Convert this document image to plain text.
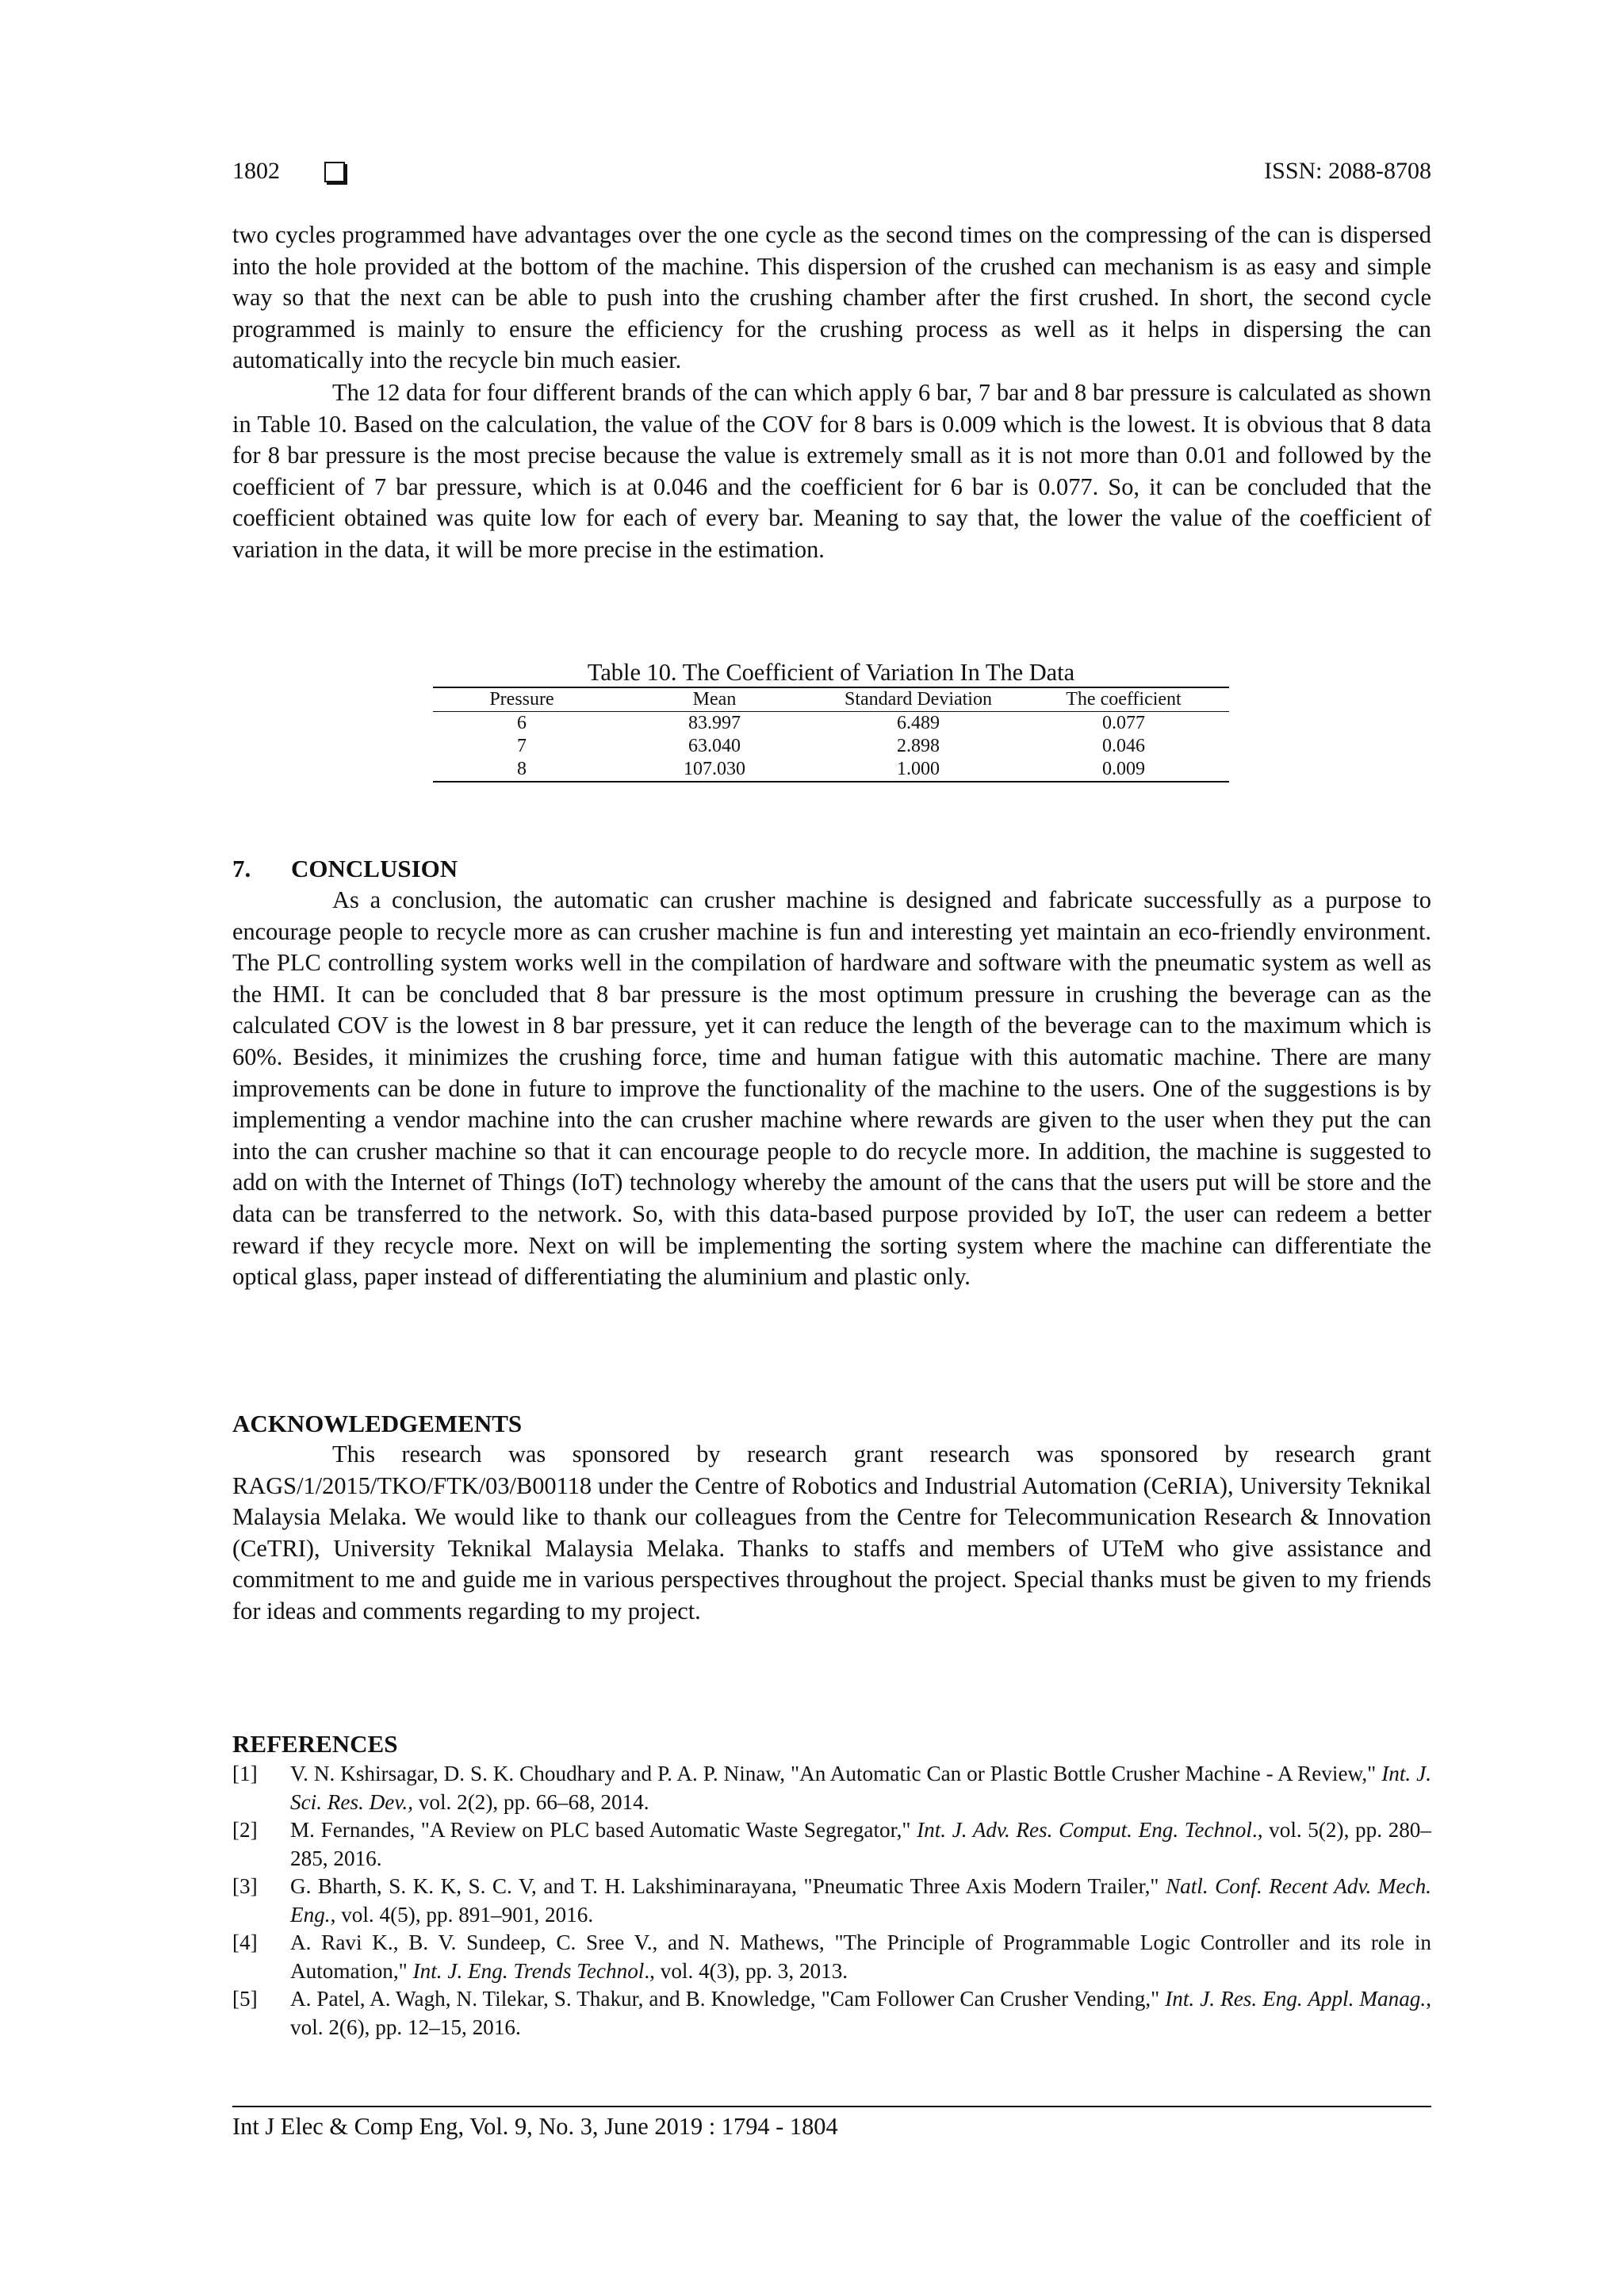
1802	ISSN: 2088-8708

two cycles programmed have advantages over the one cycle as the second times on the compressing of the can is dispersed into the hole provided at the bottom of the machine. This dispersion of the crushed can mechanism is as easy and simple way so that the next can be able to push into the crushing chamber after the first crushed. In short, the second cycle programmed is mainly to ensure the efficiency for the crushing process as well as it helps in dispersing the can automatically into the recycle bin much easier.

The 12 data for four different brands of the can which apply 6 bar, 7 bar and 8 bar pressure is calculated as shown in Table 10. Based on the calculation, the value of the COV for 8 bars is 0.009 which is the lowest. It is obvious that 8 data for 8 bar pressure is the most precise because the value is extremely small as it is not more than 0.01 and followed by the coefficient of 7 bar pressure, which is at 0.046 and the coefficient for 6 bar is 0.077. So, it can be concluded that the coefficient obtained was quite low for each of every bar. Meaning to say that, the lower the value of the coefficient of variation in the data, it will be more precise in the estimation.

Table 10. The Coefficient of Variation In The Data
Pressure	Mean	Standard Deviation	The coefficient
6	83.997	6.489	0.077
7	63.040	2.898	0.046
8	107.030	1.000	0.009
7. CONCLUSION

As a conclusion, the automatic can crusher machine is designed and fabricate successfully as a purpose to encourage people to recycle more as can crusher machine is fun and interesting yet maintain an eco-friendly environment. The PLC controlling system works well in the compilation of hardware and software with the pneumatic system as well as the HMI. It can be concluded that 8 bar pressure is the most optimum pressure in crushing the beverage can as the calculated COV is the lowest in 8 bar pressure, yet it can reduce the length of the beverage can to the maximum which is 60%. Besides, it minimizes the crushing force, time and human fatigue with this automatic machine. There are many improvements can be done in future to improve the functionality of the machine to the users. One of the suggestions is by implementing a vendor machine into the can crusher machine where rewards are given to the user when they put the can into the can crusher machine so that it can encourage people to do recycle more. In addition, the machine is suggested to add on with the Internet of Things (IoT) technology whereby the amount of the cans that the users put will be store and the data can be transferred to the network. So, with this data-based purpose provided by IoT, the user can redeem a better reward if they recycle more. Next on will be implementing the sorting system where the machine can differentiate the optical glass, paper instead of differentiating the aluminium and plastic only.

ACKNOWLEDGEMENTS

This research was sponsored by research grant research was sponsored by research grant RAGS/1/2015/TKO/FTK/03/B00118 under the Centre of Robotics and Industrial Automation (CeRIA), University Teknikal Malaysia Melaka. We would like to thank our colleagues from the Centre for Telecommunication Research & Innovation (CeTRI), University Teknikal Malaysia Melaka. Thanks to staffs and members of UTeM who give assistance and commitment to me and guide me in various perspectives throughout the project. Special thanks must be given to my friends for ideas and comments regarding to my project.

REFERENCES
[1] V. N. Kshirsagar, D. S. K. Choudhary and P. A. P. Ninaw, "An Automatic Can or Plastic Bottle Crusher Machine - A Review," Int. J. Sci. Res. Dev., vol. 2(2), pp. 66–68, 2014.
[2] M. Fernandes, "A Review on PLC based Automatic Waste Segregator," Int. J. Adv. Res. Comput. Eng. Technol., vol. 5(2), pp. 280–285, 2016.
[3] G. Bharth, S. K. K, S. C. V, and T. H. Lakshiminarayana, "Pneumatic Three Axis Modern Trailer," Natl. Conf. Recent Adv. Mech. Eng., vol. 4(5), pp. 891–901, 2016.
[4] A. Ravi K., B. V. Sundeep, C. Sree V., and N. Mathews, "The Principle of Programmable Logic Controller and its role in Automation," Int. J. Eng. Trends Technol., vol. 4(3), pp. 3, 2013.
[5] A. Patel, A. Wagh, N. Tilekar, S. Thakur, and B. Knowledge, "Cam Follower Can Crusher Vending," Int. J. Res. Eng. Appl. Manag., vol. 2(6), pp. 12–15, 2016.
Int J Elec & Comp Eng, Vol. 9, No. 3, June 2019 : 1794 - 1804
